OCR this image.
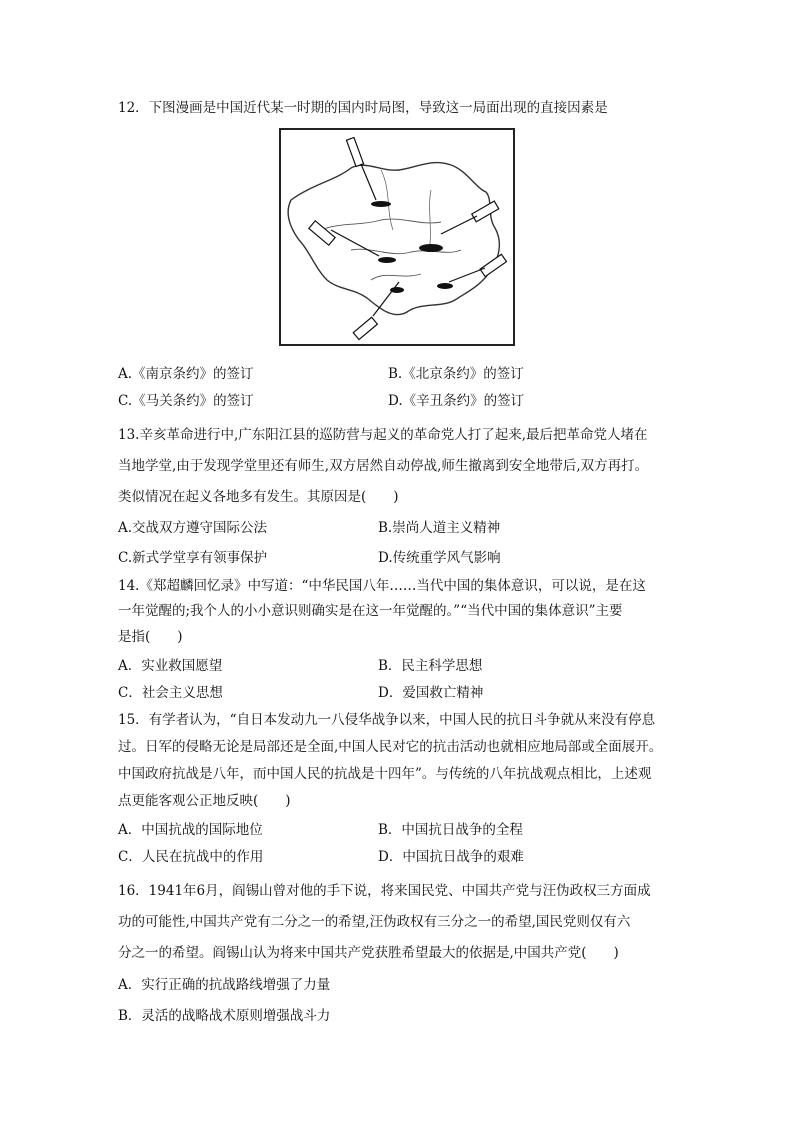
12．下图漫画是中国近代某一时期的国内时局图，导致这一局面出现的直接因素是
A.《南京条约》的签订	B.《北京条约》的签订
C.《马关条约》的签订	D.《辛丑条约》的签订
13.辛亥革命进行中,广东阳江县的巡防营与起义的革命党人打了起来,最后把革命党人堵在
当地学堂,由于发现学堂里还有师生,双方居然自动停战,师生撤离到安全地带后,双方再打。
类似情况在起义各地多有发生。其原因是(　　)
A.交战双方遵守国际公法	B.崇尚人道主义精神
C.新式学堂享有领事保护	D.传统重学风气影响
14.《郑超麟回忆录》中写道：“中华民国八年……当代中国的集体意识，可以说，是在这
一年觉醒的;我个人的小小意识则确实是在这一年觉醒的。”“当代中国的集体意识”主要
是指(　　)
A．实业救国愿望	B．民主科学思想
C．社会主义思想	D．爱国救亡精神
15．有学者认为，“自日本发动九一八侵华战争以来，中国人民的抗日斗争就从来没有停息
过。日军的侵略无论是局部还是全面,中国人民对它的抗击活动也就相应地局部或全面展开。
中国政府抗战是八年，而中国人民的抗战是十四年”。与传统的八年抗战观点相比，上述观
点更能客观公正地反映(　　)
A．中国抗战的国际地位	B．中国抗日战争的全程
C．人民在抗战中的作用	D．中国抗日战争的艰难
16．1941年6月，阎锡山曾对他的手下说，将来国民党、中国共产党与汪伪政权三方面成
功的可能性,中国共产党有二分之一的希望,汪伪政权有三分之一的希望,国民党则仅有六
分之一的希望。阎锡山认为将来中国共产党获胜希望最大的依据是,中国共产党(　　)
A．实行正确的抗战路线增强了力量
B．灵活的战略战术原则增强战斗力
